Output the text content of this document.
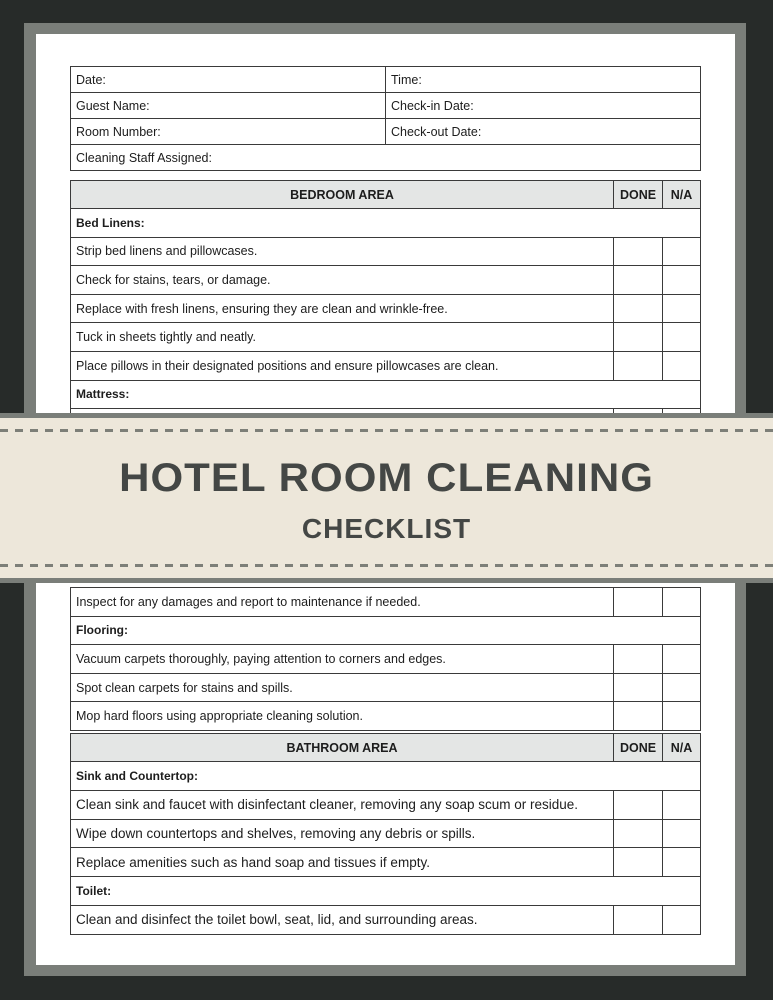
Date:	Time:
Guest Name:	Check-in Date:
Room Number:	Check-out Date:
Cleaning Staff Assigned:	
BEDROOM AREA	DONE	N/A
Bed Linens:		
Strip bed linens and pillowcases.		
Check for stains, tears, or damage.		
Replace with fresh linens, ensuring they are clean and wrinkle-free.		
Tuck in sheets tightly and neatly.		
Place pillows in their designated positions and ensure pillowcases are clean.		
Mattress:		

Inspect for any damages and report to maintenance if needed.		
Flooring:		
Vacuum carpets thoroughly, paying attention to corners and edges.		
Spot clean carpets for stains and spills.		
Mop hard floors using appropriate cleaning solution.		
BATHROOM AREA	DONE	N/A
Sink and Countertop:		
Clean sink and faucet with disinfectant cleaner, removing any soap scum or residue.		
Wipe down countertops and shelves, removing any debris or spills.		
Replace amenities such as hand soap and tissues if empty.		
Toilet:		
Clean and disinfect the toilet bowl, seat, lid, and surrounding areas.		
HOTEL ROOM CLEANING
CHECKLIST
